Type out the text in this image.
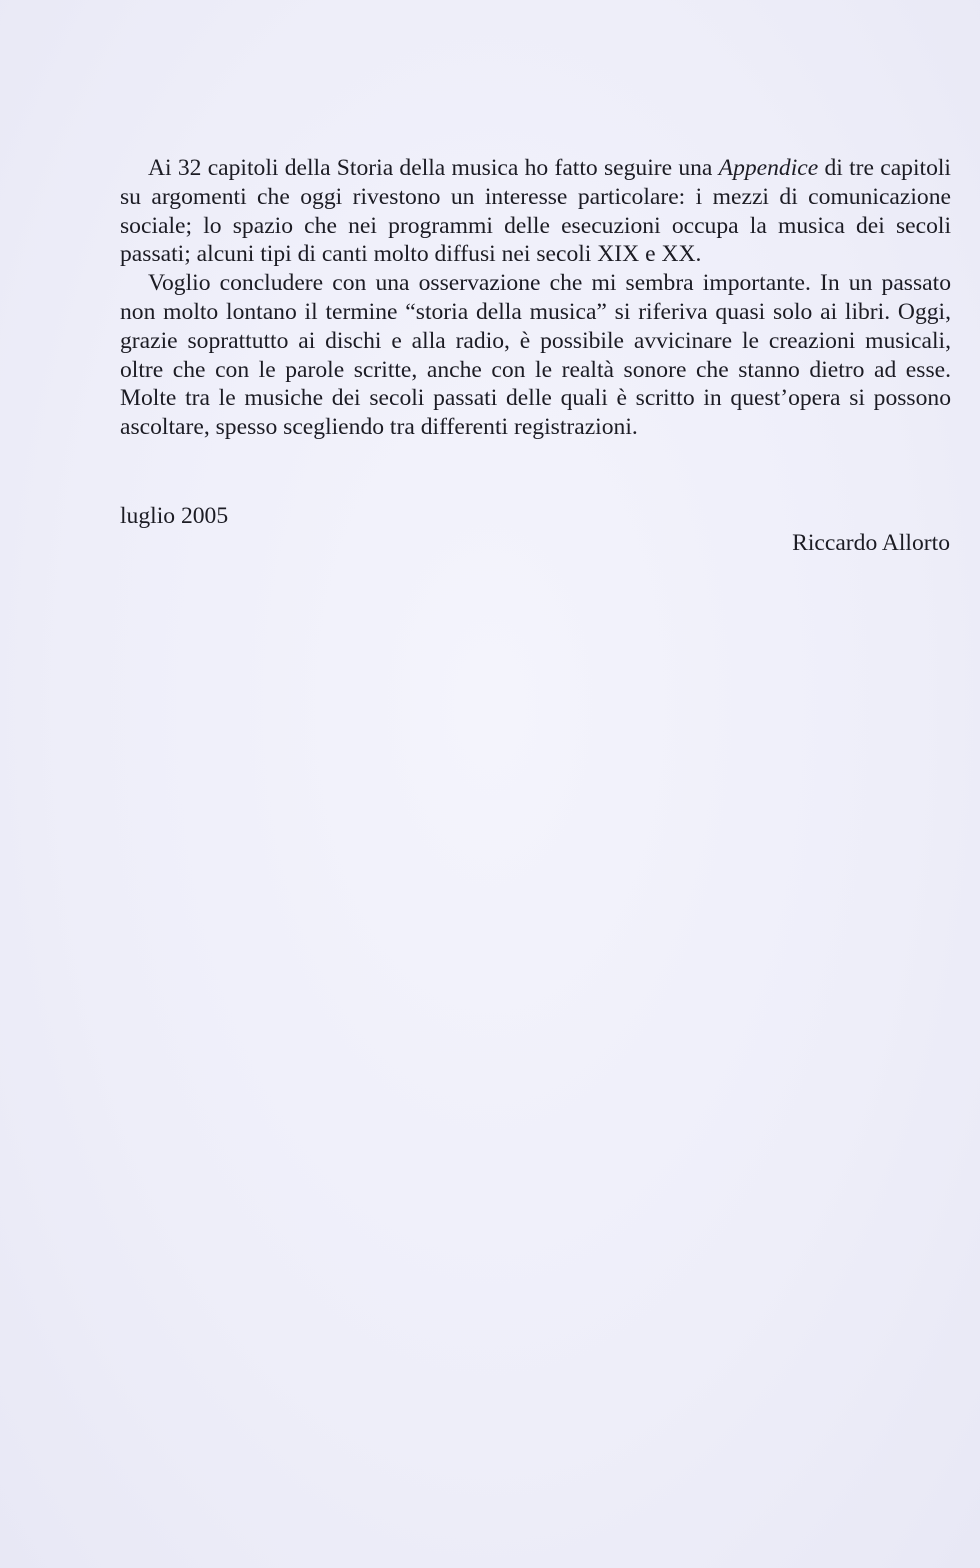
Ai 32 capitoli della Storia della musica ho fatto seguire una Appendice di tre capitoli su argomenti che oggi rivestono un interesse particolare: i mezzi di comunicazione sociale; lo spazio che nei programmi delle esecuzioni occupa la musica dei secoli passati; alcuni tipi di canti molto diffusi nei secoli XIX e XX.

Voglio concludere con una osservazione che mi sembra importante. In un passato non molto lontano il termine “storia della musica” si riferiva quasi solo ai libri. Oggi, grazie soprattutto ai dischi e alla radio, è possibile avvicinare le creazioni musicali, oltre che con le parole scritte, anche con le realtà sonore che stanno dietro ad esse. Molte tra le musiche dei secoli passati delle quali è scritto in quest’opera si possono ascoltare, spesso scegliendo tra differenti registrazioni.

luglio 2005
Riccardo Allorto
